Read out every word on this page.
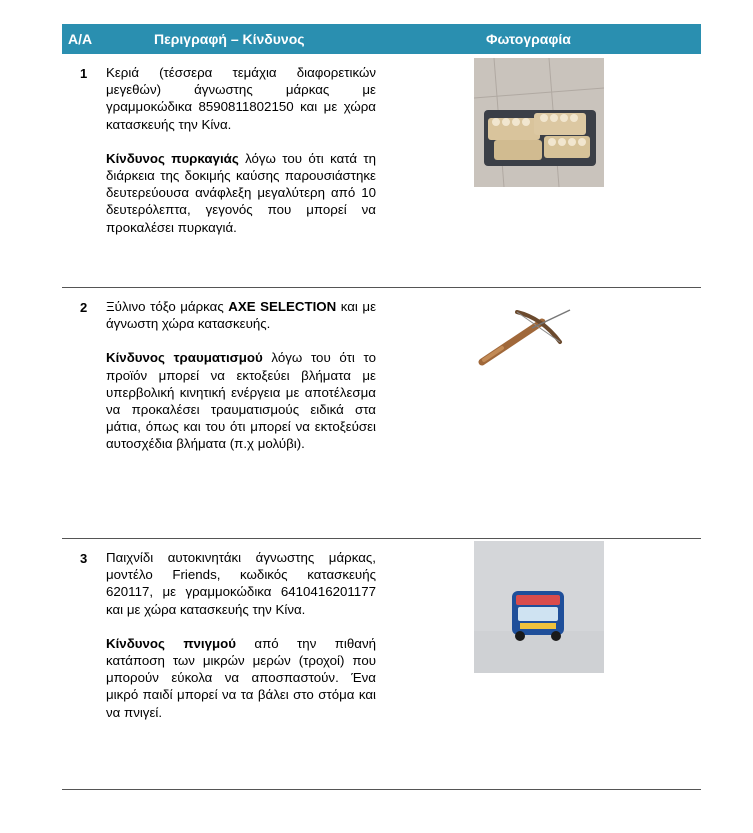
Α/Α	Περιγραφή – Κίνδυνος	Φωτογραφία
1 Κεριά (τέσσερα τεμάχια διαφορετικών μεγεθών) άγνωστης μάρκας με γραμμοκώδικα 8590811802150 και με χώρα κατασκευής την Κίνα.

Κίνδυνος πυρκαγιάς λόγω του ότι κατά τη διάρκεια της δοκιμής καύσης παρουσιάστηκε δευτερεύουσα ανάφλεξη μεγαλύτερη από 10 δευτερόλεπτα, γεγονός που μπορεί να προκαλέσει πυρκαγιά.

2 Ξύλινο τόξο μάρκας AXE SELECTION και με άγνωστη χώρα κατασκευής.

Κίνδυνος τραυματισμού λόγω του ότι το προϊόν μπορεί να εκτοξεύει βλήματα με υπερβολική κινητική ενέργεια με αποτέλεσμα να προκαλέσει τραυματισμούς ειδικά στα μάτια, όπως και του ότι μπορεί να εκτοξεύσει αυτοσχέδια βλήματα (π.χ μολύβι).

3 Παιχνίδι αυτοκινητάκι άγνωστης μάρκας, μοντέλο Friends, κωδικός κατασκευής 620117, με γραμμοκώδικα 6410416201177 και με χώρα κατασκευής την Κίνα.

Κίνδυνος πνιγμού από την πιθανή κατάποση των μικρών μερών (τροχοί) που μπορούν εύκολα να αποσπαστούν. Ένα μικρό παιδί μπορεί να τα βάλει στο στόμα και να πνιγεί.
